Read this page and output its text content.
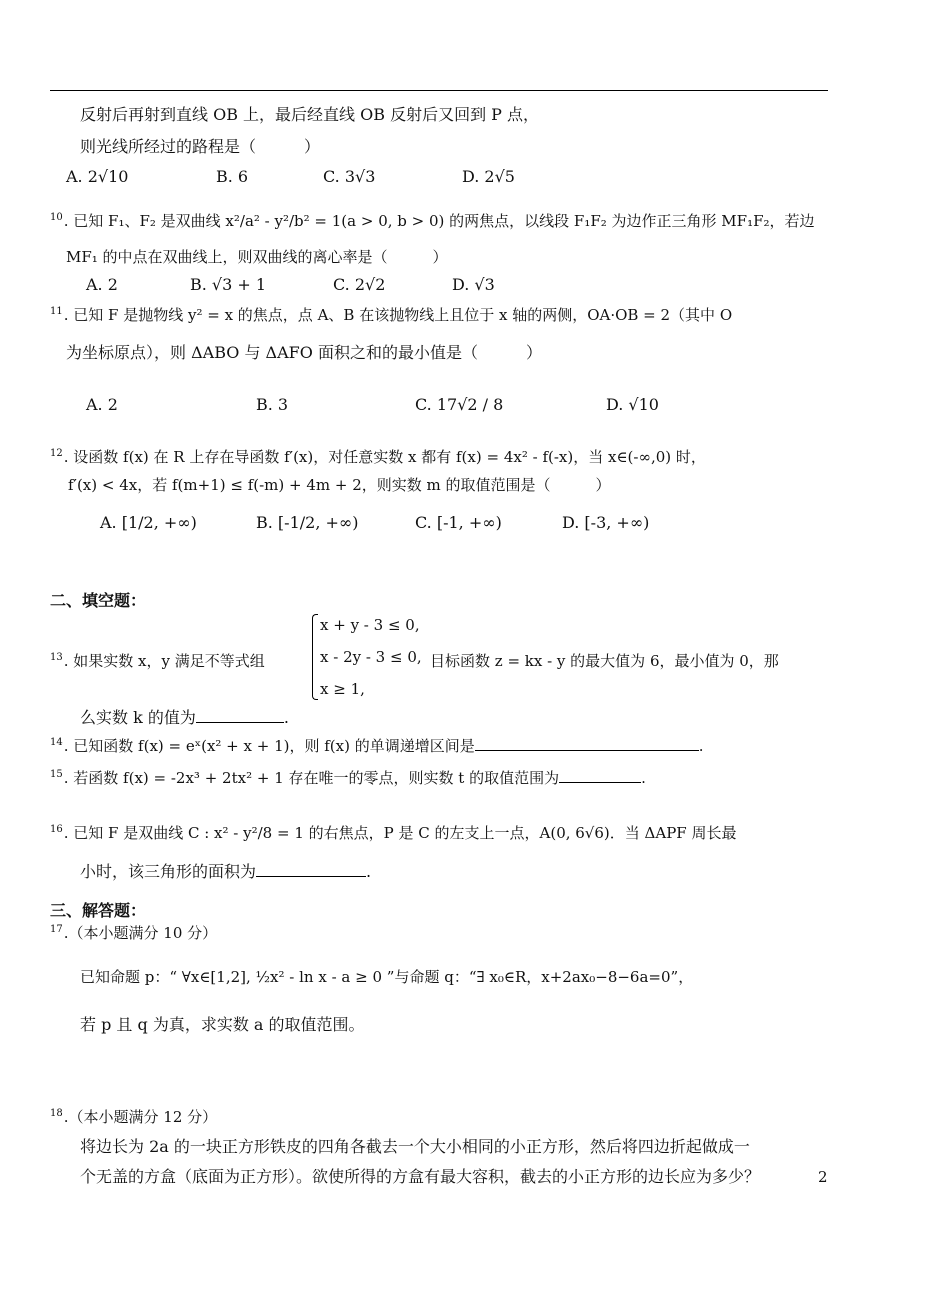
反射后再射到直线 OB 上，最后经直线 OB 反射后又回到 P 点，
则光线所经过的路程是（　　　）
A. 2√10	B. 6	C. 3√3	D. 2√5
$^{10}$. 已知 F₁、F₂ 是双曲线 x²/a² - y²/b² = 1(a > 0, b > 0) 的两焦点，以线段 F₁F₂ 为边作正三角形 MF₁F₂，若边
MF₁ 的中点在双曲线上，则双曲线的离心率是（　　　）
A. 2	B. √3 + 1	C. 2√2	D. √3
$^{11}$. 已知 F 是抛物线 y² = x 的焦点，点 A、B 在该抛物线上且位于 x 轴的两侧，OA·OB = 2（其中 O
为坐标原点），则 ΔABO 与 ΔAFO 面积之和的最小值是（　　　）
A. 2	B. 3	C. 17√2 / 8	D. √10
$^{12}$. 设函数 f(x) 在 R 上存在导函数 f′(x)，对任意实数 x 都有 f(x) = 4x² - f(-x)，当 x∈(-∞,0) 时，
f′(x) < 4x，若 f(m+1) ≤ f(-m) + 4m + 2，则实数 m 的取值范围是（　　　）
A. [1/2, +∞)	B. [-1/2, +∞)	C. [-1, +∞)	D. [-3, +∞)
二、填空题：
$^{13}$. 如果实数 x，y 满足不等式组
x + y - 3 ≤ 0,
x - 2y - 3 ≤ 0,
x ≥ 1,
目标函数 z = kx - y 的最大值为 6，最小值为 0，那
么实数 k 的值为	.
$^{14}$. 已知函数 f(x) = eˣ(x² + x + 1)，则 f(x) 的单调递增区间是	.
$^{15}$. 若函数 f(x) = -2x³ + 2tx² + 1 存在唯一的零点，则实数 t 的取值范围为	.
$^{16}$. 已知 F 是双曲线 C : x² - y²/8 = 1 的右焦点，P 是 C 的左支上一点，A(0, 6√6)．当 ΔAPF 周长最
小时，该三角形的面积为	.
三、解答题：
$^{17}$.（本小题满分 10 分）
已知命题 p：“ ∀x∈[1,2], ½x² - ln x - a ≥ 0 ”与命题 q：“∃ x₀∈R，x+2ax₀−8−6a=0”，
若 p 且 q 为真，求实数 a 的取值范围。
$^{18}$.（本小题满分 12 分）
将边长为 2a 的一块正方形铁皮的四角各截去一个大小相同的小正方形，然后将四边折起做成一
个无盖的方盒（底面为正方形）。欲使所得的方盒有最大容积，截去的小正方形的边长应为多少？	2
